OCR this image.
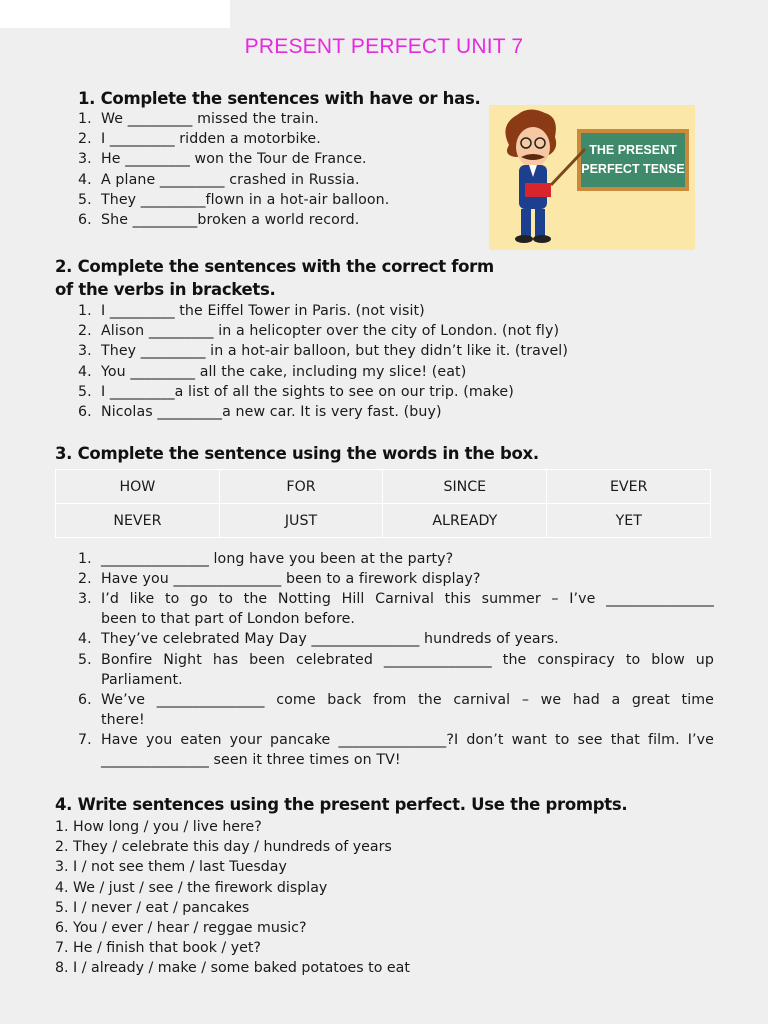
PRESENT PERFECT UNIT 7
1. Complete the sentences with have or has.
1. We _________ missed the train.
2. I _________ ridden a motorbike.
3. He _________ won the Tour de France.
4. A plane _________ crashed in Russia.
5. They _________flown in a hot-air balloon.
6. She _________broken a world record.
THE PRESENT
PERFECT TENSE
2. Complete the sentences with the correct form
of the verbs in brackets.
1. I _________ the Eiffel Tower in Paris. (not visit)
2. Alison _________ in a helicopter over the city of London. (not fly)
3. They _________ in a hot-air balloon, but they didn’t like it. (travel)
4. You _________ all the cake, including my slice! (eat)
5. I _________a list of all the sights to see on our trip. (make)
6. Nicolas _________a new car. It is very fast. (buy)
3. Complete the sentence using the words in the box.
HOW	FOR	SINCE	EVER
NEVER	JUST	ALREADY	YET
1. _______________ long have you been at the party?
2. Have you _______________ been to a firework display?
3. I’d like to go to the Notting Hill Carnival this summer – I’ve _______________
been to that part of London before.
4. They’ve celebrated May Day _______________ hundreds of years.
5. Bonfire Night has been celebrated _______________ the conspiracy to blow up
Parliament.
6. We’ve _______________ come back from the carnival – we had a great time
there!
7. Have you eaten your pancake _______________?I don’t want to see that film. I’ve
_______________ seen it three times on TV!
4. Write sentences using the present perfect. Use the prompts.
1. How long / you / live here?
2. They / celebrate this day / hundreds of years
3. I / not see them / last Tuesday
4. We / just / see / the firework display
5. I / never / eat / pancakes
6. You / ever / hear / reggae music?
7. He / finish that book / yet?
8. I / already / make / some baked potatoes to eat
